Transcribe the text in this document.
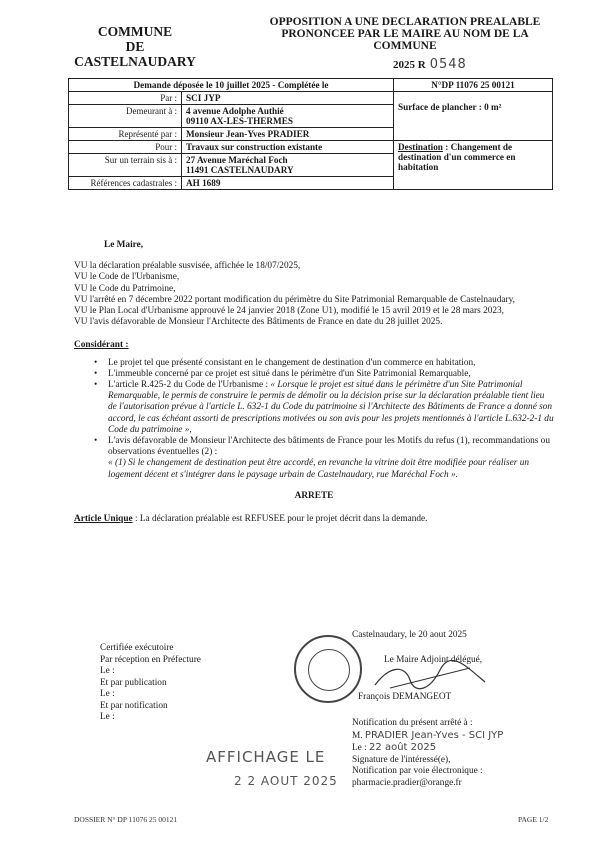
COMMUNE
DE
CASTELNAUDARY
OPPOSITION A UNE DECLARATION PREALABLE
PRONONCEE PAR LE MAIRE AU NOM DE LA COMMUNE
2025 R 0548
Demande déposée le 10 juillet 2025 - Complétée le		N°DP 11076 25 00121
Par :	SCI JYP	Surface de plancher : 0 m²
Demeurant à :	4 avenue Adolphe Authié
09110 AX-LES-THERMES	
Représenté par :	Monsieur Jean-Yves PRADIER	
Pour :	Travaux sur construction existante	Destination : Changement de destination d'un commerce en habitation
Sur un terrain sis à :	27 Avenue Maréchal Foch
11491 CASTELNAUDARY	
Références cadastrales :	AH 1689	

Le Maire,

VU la déclaration préalable susvisée, affichée le 18/07/2025,

VU le Code de l'Urbanisme,

VU le Code du Patrimoine,

VU l'arrêté en 7 décembre 2022 portant modification du périmètre du Site Patrimonial Remarquable de Castelnaudary,

VU le Plan Local d'Urbanisme approuvé le 24 janvier 2018 (Zone U1), modifié le 15 avril 2019 et le 28 mars 2023,

VU l'avis défavorable de Monsieur l'Architecte des Bâtiments de France en date du 28 juillet 2025.

Considérant :

• Le projet tel que présenté consistant en le changement de destination d'un commerce en habitation,

• L'immeuble concerné par ce projet est situé dans le périmètre d'un Site Patrimonial Remarquable,

• L'article R.425-2 du Code de l'Urbanisme : « Lorsque le projet est situé dans le périmètre d'un Site Patrimonial Remarquable, le permis de construire le permis de démolir ou la décision prise sur la déclaration préalable tient lieu de l'autorisation prévue à l'article L. 632-1 du Code du patrimoine si l'Architecte des Bâtiments de France a donné son accord, le cas échéant assorti de prescriptions motivées ou son avis pour les projets mentionnés à l'article L.632-2-1 du Code du patrimoine »,

• L'avis défavorable de Monsieur l'Architecte des bâtiments de France pour les Motifs du refus (1), recommandations ou observations éventuelles (2) :

« (1) Si le changement de destination peut être accordé, en revanche la vitrine doit être modifiée pour réaliser un logement décent et s'intégrer dans le paysage urbain de Castelnaudary, rue Maréchal Foch ».

ARRETE

Article Unique : La déclaration préalable est REFUSEE pour le projet décrit dans la demande.

Certifiée exécutoire
Par réception en Préfecture
Le :
Et par publication
Le :
Et par notification
Le :
Castelnaudary, le 20 aout 2025
Le Maire Adjoint délégué,
François DEMANGEOT
Notification du présent arrêté à :
M. PRADIER Jean-Yves - SCI JYP
Le : 22 août 2025
Signature de l'intéressé(e),
Notification par voie électronique :
pharmacie.pradier@orange.fr
AFFICHAGE LE
2 2 AOUT 2025
DOSSIER N° DP 11076 25 00121	PAGE 1/2
